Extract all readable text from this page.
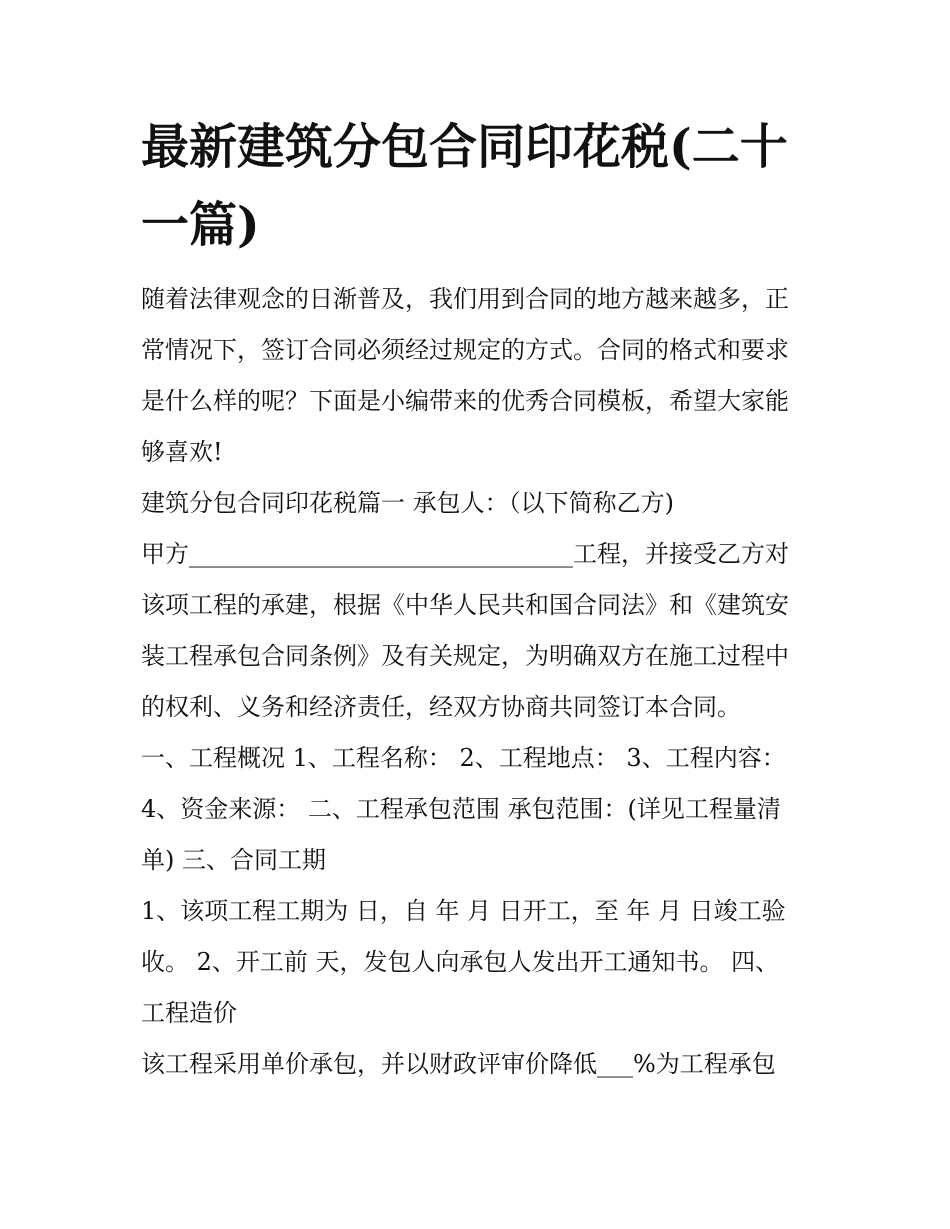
最新建筑分包合同印花税(二十一篇)
随着法律观念的日渐普及，我们用到合同的地方越来越多，正
常情况下，签订合同必须经过规定的方式。合同的格式和要求
是什么样的呢？下面是小编带来的优秀合同模板，希望大家能
够喜欢!
建筑分包合同印花税篇一 承包人：（以下简称乙方)
甲方________________________________工程，并接受乙方对
该项工程的承建，根据《中华人民共和国合同法》和《建筑安
装工程承包合同条例》及有关规定，为明确双方在施工过程中
的权利、义务和经济责任，经双方协商共同签订本合同。
一、工程概况 1、工程名称： 2、工程地点： 3、工程内容：
4、资金来源： 二、工程承包范围 承包范围：(详见工程量清
单) 三、合同工期
1、该项工程工期为 日，自 年 月 日开工，至 年 月 日竣工验
收。 2、开工前 天，发包人向承包人发出开工通知书。 四、
工程造价
该工程采用单价承包，并以财政评审价降低___%为工程承包
